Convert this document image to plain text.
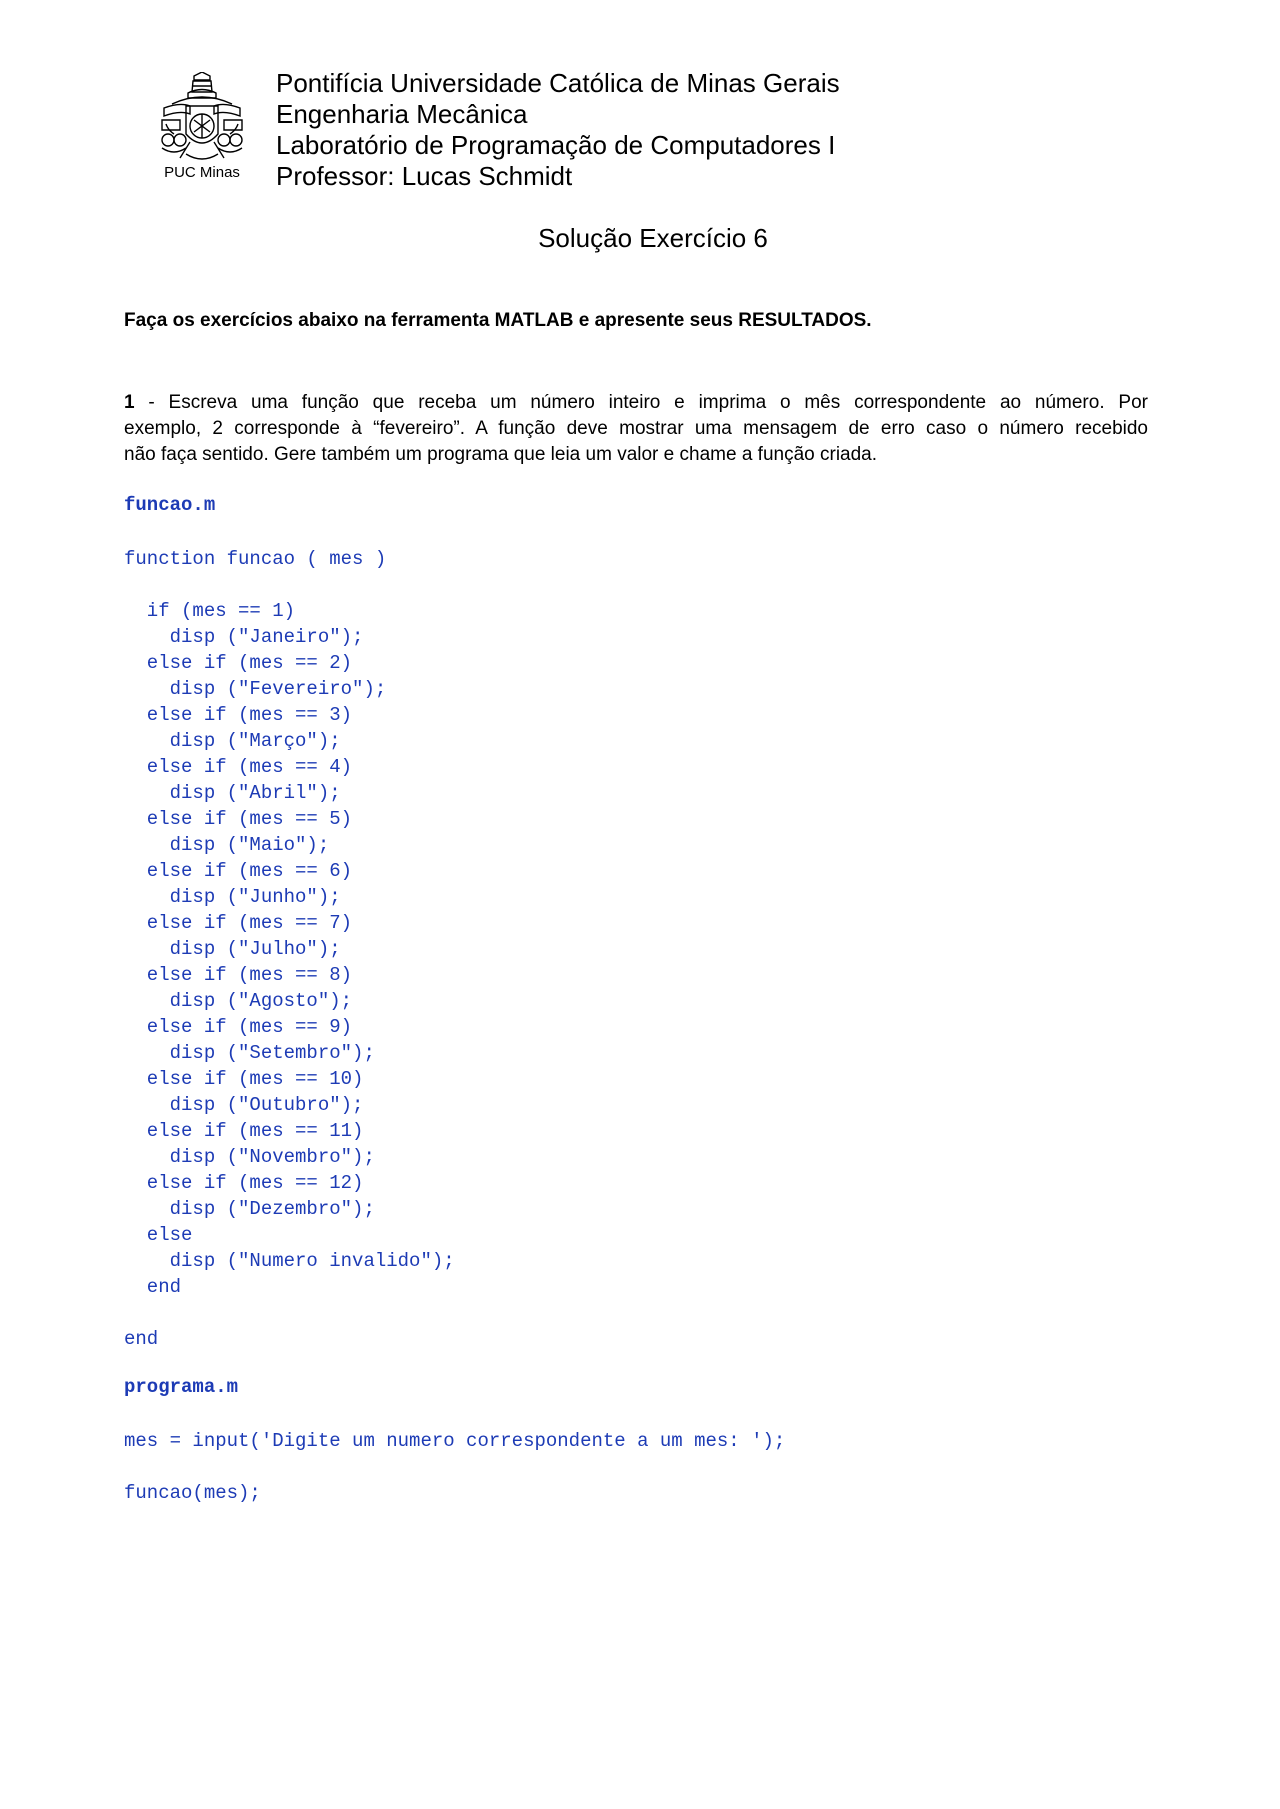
PUC Minas
Pontifícia Universidade Católica de Minas Gerais
Engenharia Mecânica
Laboratório de Programação de Computadores I
Professor: Lucas Schmidt
Solução Exercício 6
Faça os exercícios abaixo na ferramenta MATLAB e apresente seus RESULTADOS.
1 - Escreva uma função que receba um número inteiro e imprima o mês correspondente ao número. Por
exemplo, 2 corresponde à “fevereiro”. A função deve mostrar uma mensagem de erro caso o número recebido
não faça sentido. Gere também um programa que leia um valor e chame a função criada.
funcao.m
function funcao ( mes )

if (mes == 1)
disp ("Janeiro");
else if (mes == 2)
disp ("Fevereiro");
else if (mes == 3)
disp ("Março");
else if (mes == 4)
disp ("Abril");
else if (mes == 5)
disp ("Maio");
else if (mes == 6)
disp ("Junho");
else if (mes == 7)
disp ("Julho");
else if (mes == 8)
disp ("Agosto");
else if (mes == 9)
disp ("Setembro");
else if (mes == 10)
disp ("Outubro");
else if (mes == 11)
disp ("Novembro");
else if (mes == 12)
disp ("Dezembro");
else
disp ("Numero invalido");
end

end
programa.m
mes = input('Digite um numero correspondente a um mes: ');

funcao(mes);
